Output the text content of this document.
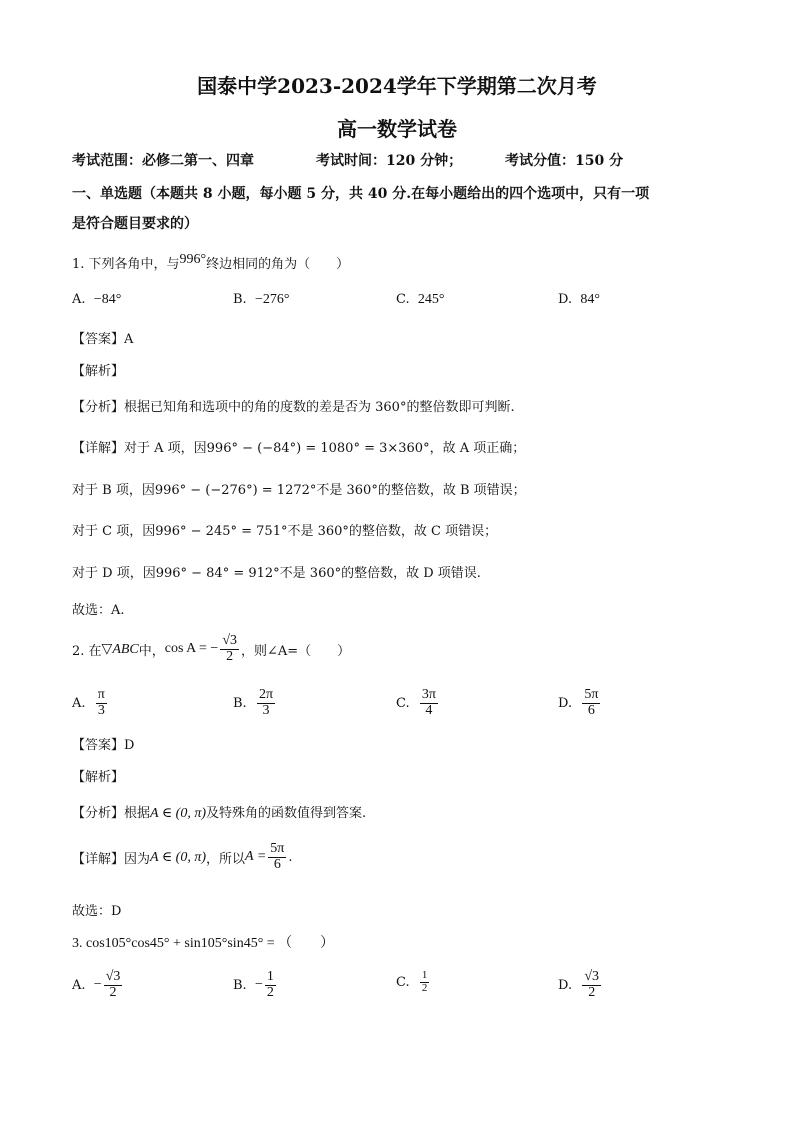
国泰中学2023-2024学年下学期第二次月考
高一数学试卷
考试范围：必修二第一、四章	考试时间：120 分钟；	考试分值：150 分
一、单选题（本题共 8 小题，每小题 5 分，共 40 分.在每小题给出的四个选项中，只有一项
是符合题目要求的）
1. 下列各角中，与996°终边相同的角为（　　）
A. −84°	B. −276°	C. 245°	D. 84°
【答案】A
【解析】
【分析】根据已知角和选项中的角的度数的差是否为 360°的整倍数即可判断.
【详解】对于 A 项，因996° − (−84°) = 1080° = 3×360°，故 A 项正确；
对于 B 项，因996° − (−276°) = 1272°不是 360°的整倍数，故 B 项错误；
对于 C 项，因996° − 245° = 751°不是 360°的整倍数，故 C 项错误；
对于 D 项，因996° − 84° = 912°不是 360°的整倍数，故 D 项错误.
故选：A.
2. 在 ▽ABC 中， cos A = − $\frac{√3}{2}$ ，则∠A=（　　）
A.
$\frac{\pi}{3}$	B.
$\frac{2\pi}{3}$	C.
$\frac{3\pi}{4}$	D.
$\frac{5\pi}{6}$
【答案】D
【解析】
【分析】根据A ∈ (0, π)及特殊角的函数值得到答案.
【详解】因为 A ∈ (0, π) ，所以 $A = \frac{5\pi}{6}$ .
故选：D
3. cos105°cos45° + sin105°sin45° = （　　）
A.
− $\frac{√3}{2}$	B.
− $\frac{1}{2}$	C.
$\frac{1}{2}$	D.
$\frac{√3}{2}$
